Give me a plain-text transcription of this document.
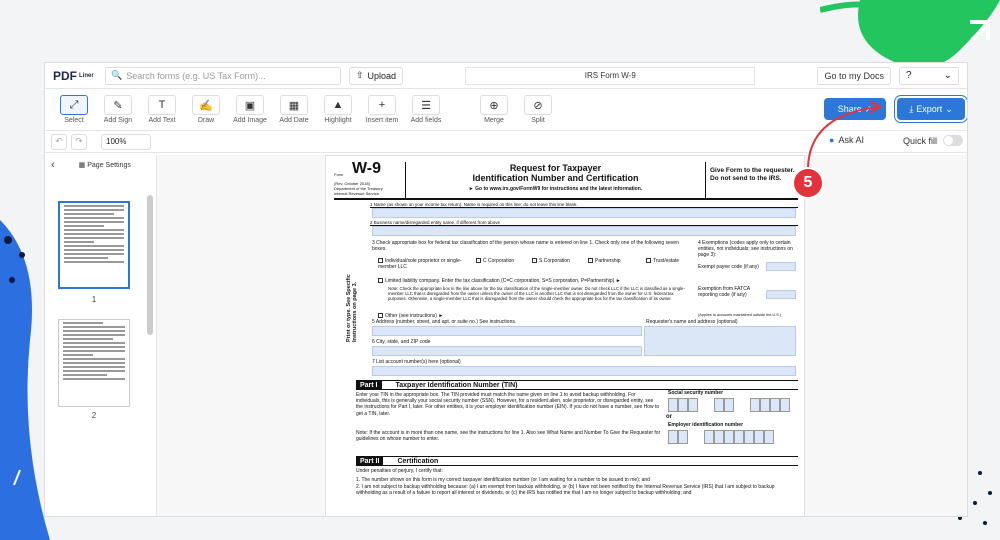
PDF Liner 🔍 Search forms (e.g. US Tax Form)...	⇧ Upload	IRS Form W-9	Go to my Docs	?	⌄
⤢
Select
✎
Add Sign
T
Add Text
✍
Draw
▣
Add Image
▦
Add Date
▲
Highlight
+
Insert item
☰
Add fields
⊕
Merge
⊘
Split
Share ↗	⤓ Export ⌄
↶ ↷	100%	● Ask AI	Quick fill
‹	▦ Page Settings
1
2
Form W-9
(Rev. October 2018)
Department of the Treasury
Internal Revenue Service
Request for Taxpayer
Identification Number and Certification
► Go to www.irs.gov/FormW9 for instructions and the latest information.
Give Form to the requester. Do not send to the IRS.
1 Name (as shown on your income tax return). Name is required on this line; do not leave this line blank.
2 Business name/disregarded entity name, if different from above
Print or type. See Specific Instructions on page 3.
3 Check appropriate box for federal tax classification of the person whose name is entered on line 1. Check only one of the following seven boxes.
Individual/sole proprietor or single-member LLC
C Corporation	S Corporation	Partnership	Trust/estate
Limited liability company. Enter the tax classification (C=C corporation, S=S corporation, P=Partnership) ►
Note: Check the appropriate box in the line above for the tax classification of the single-member owner. Do not check LLC if the LLC is classified as a single-member LLC that is disregarded from the owner unless the owner of the LLC is another LLC that is not disregarded from the owner for U.S. federal tax purposes. Otherwise, a single-member LLC that is disregarded from the owner should check the appropriate box for the tax classification of its owner.
Other (see instructions) ►
4 Exemptions (codes apply only to certain entities, not individuals; see instructions on page 3):
Exempt payee code (if any)
Exemption from FATCA reporting code (if any)
(Applies to accounts maintained outside the U.S.)
5 Address (number, street, and apt. or suite no.) See instructions.	Requester's name and address (optional)
6 City, state, and ZIP code
7 List account number(s) here (optional)
Part I	Taxpayer Identification Number (TIN)
Enter your TIN in the appropriate box. The TIN provided must match the name given on line 1 to avoid backup withholding. For individuals, this is generally your social security number (SSN). However, for a resident alien, sole proprietor, or disregarded entity, see the instructions for Part I, later. For other entities, it is your employer identification number (EIN). If you do not have a number, see How to get a TIN, later.
Note: If the account is in more than one name, see the instructions for line 1. Also see What Name and Number To Give the Requester for guidelines on whose number to enter.
Social security number
or
Employer identification number
Part II	Certification
Under penalties of perjury, I certify that:
1. The number shown on this form is my correct taxpayer identification number (or I am waiting for a number to be issued to me); and
2. I am not subject to backup withholding because: (a) I am exempt from backup withholding, or (b) I have not been notified by the Internal Revenue Service (IRS) that I am subject to backup withholding as a result of a failure to report all interest or dividends, or (c) the IRS has notified me that I am no longer subject to backup withholding; and
5
